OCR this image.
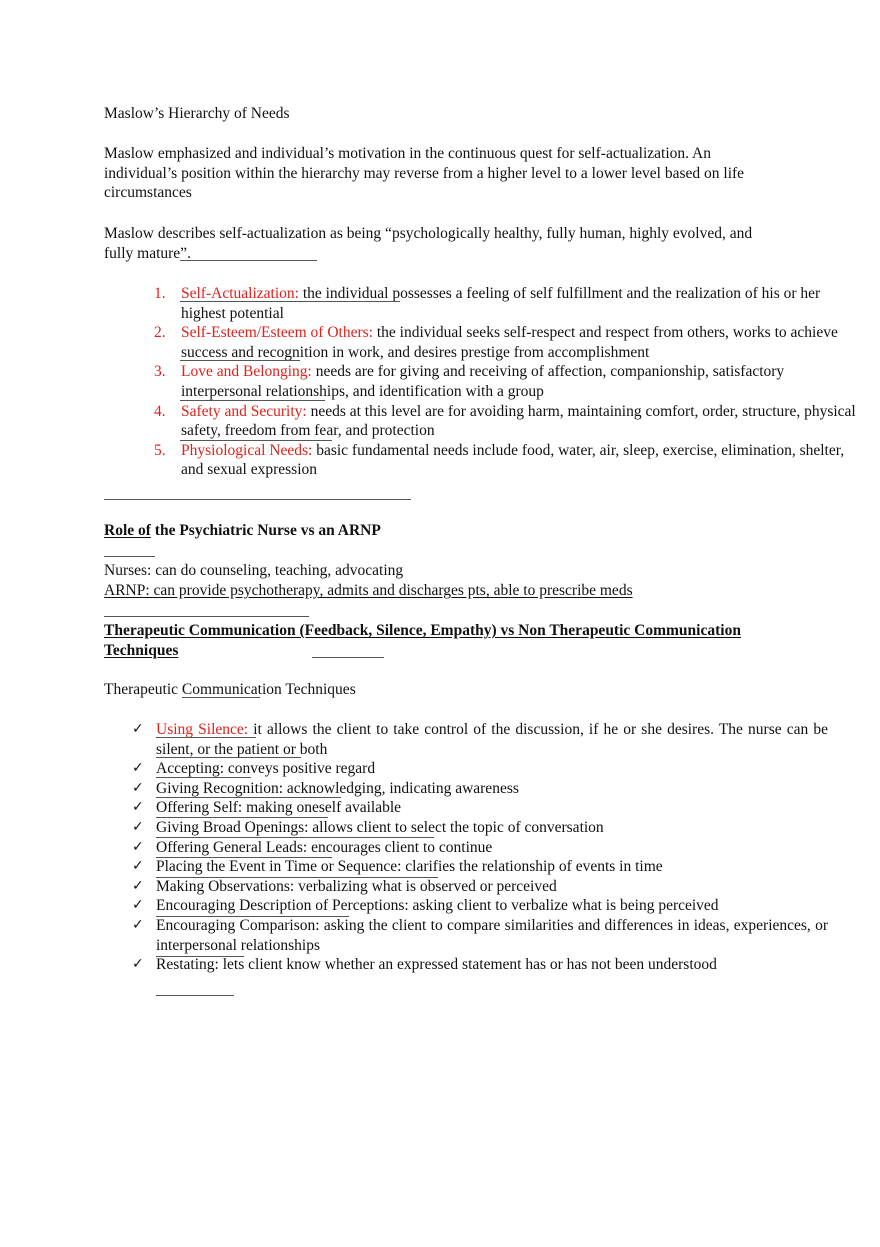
Maslow’s Hierarchy of Needs

Maslow emphasized and individual’s motivation in the continuous quest for self-actualization. An individual’s position within the hierarchy may reverse from a higher level to a lower level based on life circumstances

Maslow describes self-actualization as being “psychologically healthy, fully human, highly evolved, and fully mature”.

1. Self-Actualization: the individual possesses a feeling of self fulfillment and the realization of his or her highest potential
2. Self-Esteem/Esteem of Others: the individual seeks self-respect and respect from others, works to achieve success and recognition in work, and desires prestige from accomplishment
3. Love and Belonging: needs are for giving and receiving of affection, companionship, satisfactory interpersonal relationships, and identification with a group
4. Safety and Security: needs at this level are for avoiding harm, maintaining comfort, order, structure, physical safety, freedom from fear, and protection
5. Physiological Needs: basic fundamental needs include food, water, air, sleep, exercise, elimination, shelter, and sexual expression

Role of the Psychiatric Nurse vs an ARNP

Nurses: can do counseling, teaching, advocating

ARNP: can provide psychotherapy, admits and discharges pts, able to prescribe meds

Therapeutic Communication (Feedback, Silence, Empathy) vs Non Therapeutic Communication Techniques

Therapeutic Communication Techniques

✓ Using Silence: it allows the client to take control of the discussion, if he or she desires. The nurse can be silent, or the patient or both
✓ Accepting: conveys positive regard
✓ Giving Recognition: acknowledging, indicating awareness
✓ Offering Self: making oneself available
✓ Giving Broad Openings: allows client to select the topic of conversation
✓ Offering General Leads: encourages client to continue
✓ Placing the Event in Time or Sequence: clarifies the relationship of events in time
✓ Making Observations: verbalizing what is observed or perceived
✓ Encouraging Description of Perceptions: asking client to verbalize what is being perceived
✓ Encouraging Comparison: asking the client to compare similarities and differences in ideas, experiences, or interpersonal relationships
✓ Restating: lets client know whether an expressed statement has or has not been understood
